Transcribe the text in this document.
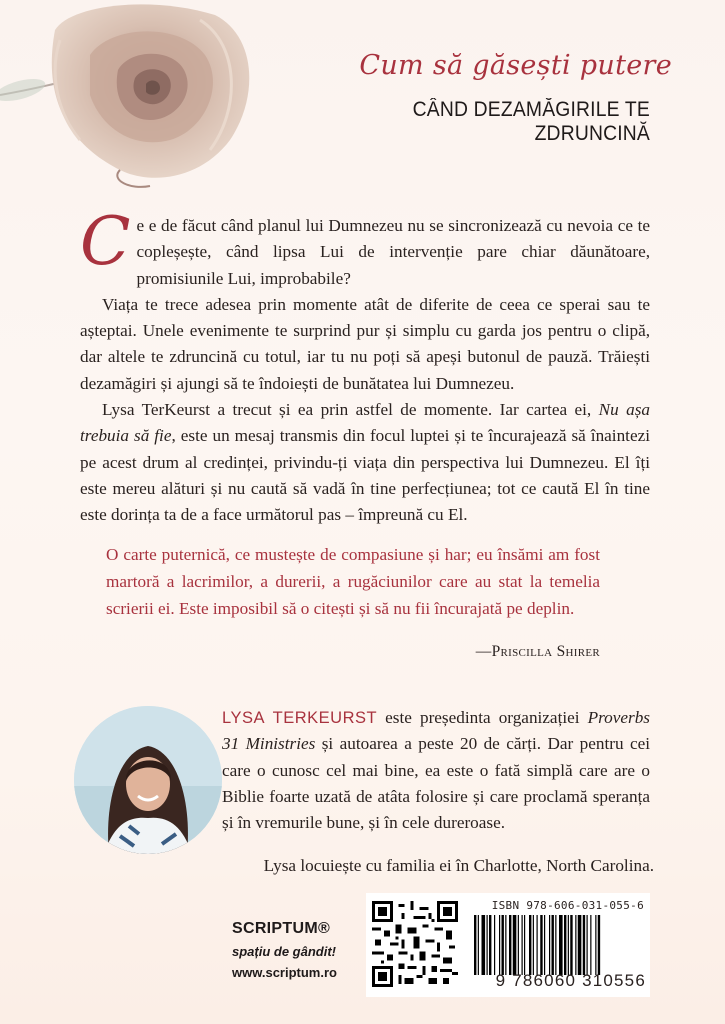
Cum să găsești putere
CÂND DEZAMĂGIRILE TE ZDRUNCINĂ

Ce e de făcut când planul lui Dumnezeu nu se sincronizează cu nevoia ce te copleșește, când lipsa Lui de intervenție pare chiar dăunătoare, promisiunile Lui, improbabile?

Viața te trece adesea prin momente atât de diferite de ceea ce sperai sau te așteptai. Unele evenimente te surprind pur și simplu cu garda jos pentru o clipă, dar altele te zdruncină cu totul, iar tu nu poți să apeși butonul de pauză. Trăiești dezamăgiri și ajungi să te îndoiești de bunătatea lui Dumnezeu.

Lysa TerKeurst a trecut și ea prin astfel de momente. Iar cartea ei, Nu așa trebuia să fie, este un mesaj transmis din focul luptei și te încurajează să înaintezi pe acest drum al credinței, privindu-ți viața din perspectiva lui Dumnezeu. El îți este mereu alături și nu caută să vadă în tine perfecțiunea; tot ce caută El în tine este dorința ta de a face următorul pas – împreună cu El.

O carte puternică, ce mustește de compasiune și har; eu însămi am fost martoră a lacrimilor, a durerii, a rugăciunilor care au stat la temelia scrierii ei. Este imposibil să o citești și să nu fii încurajată pe deplin.
—Priscilla Shirer
LYSA TERKEURST este președinta organizației Proverbs 31 Ministries și autoarea a peste 20 de cărți. Dar pentru cei care o cunosc cel mai bine, ea este o fată simplă care are o Biblie foarte uzată de atâta folosire și care proclamă speranța și în vremurile bune, și în cele dureroase.
Lysa locuiește cu familia ei în Charlotte, North Carolina.
SCRIPTUM®
spațiu de gândit!
www.scriptum.ro
ISBN 978-606-031-055-6
9 786060 310556
